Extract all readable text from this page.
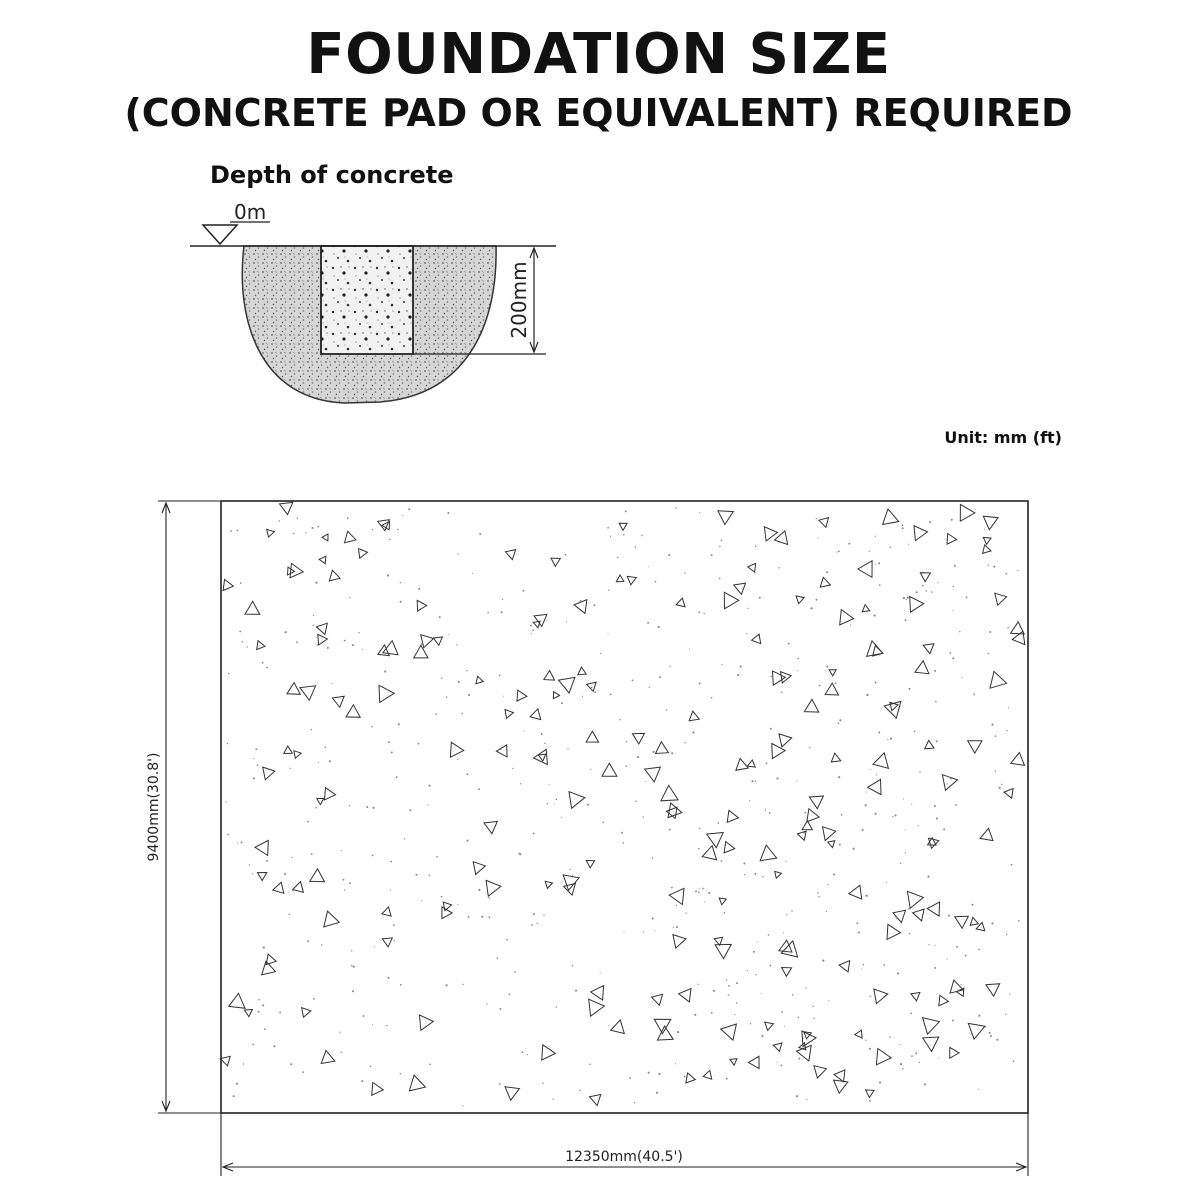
FOUNDATION SIZE
(CONCRETE PAD OR EQUIVALENT) REQUIRED
Depth of concrete
0m
200mm
Unit: mm (ft)
9400mm(30.8')
12350mm(40.5')
